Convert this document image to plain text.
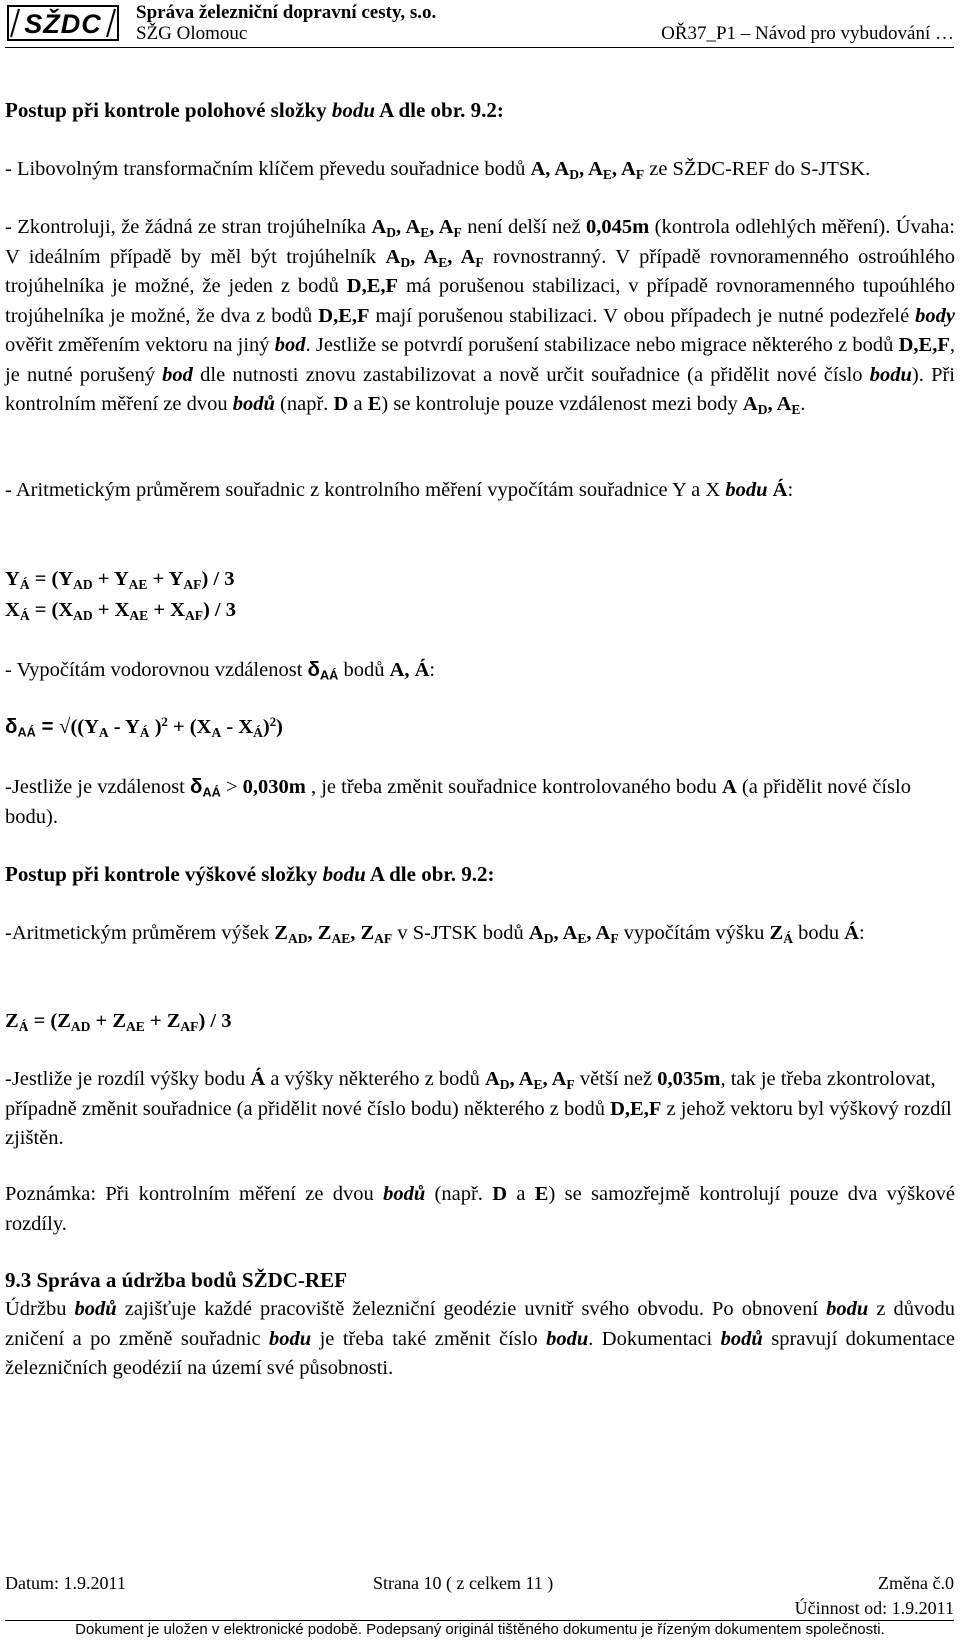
SŽDC Správa železniční dopravní cesty, s.o.
SŽG Olomouc	OŘ37_P1 – Návod pro vybudování …
Postup při kontrole polohové složky bodu A dle obr. 9.2:
- Libovolným transformačním klíčem převedu souřadnice bodů A, $A_D$, $A_E$, $A_F$ ze SŽDC-REF do S-JTSK.
- Zkontroluji, že žádná ze stran trojúhelníka $A_D$, $A_E$, $A_F$ není delší než 0,045m (kontrola odlehlých měření). Úvaha: V ideálním případě by měl být trojúhelník $A_D$, $A_E$, $A_F$ rovnostranný. V případě rovnoramenného ostroúhlého trojúhelníka je možné, že jeden z bodů D,E,F má porušenou stabilizaci, v případě rovnoramenného tupoúhlého trojúhelníka je možné, že dva z bodů D,E,F mají porušenou stabilizaci. V obou případech je nutné podezřelé body ověřit změřením vektoru na jiný bod. Jestliže se potvrdí porušení stabilizace nebo migrace některého z bodů D,E,F, je nutné porušený bod dle nutnosti znovu zastabilizovat a nově určit souřadnice (a přidělit nové číslo bodu). Při kontrolním měření ze dvou bodů (např. D a E) se kontroluje pouze vzdálenost mezi body $A_D$, $A_E$.
- Aritmetickým průměrem souřadnic z kontrolního měření vypočítám souřadnice Y a X bodu Á:
$Y_Á = (Y_{AD} + Y_{AE} + Y_{AF}) / 3$
$X_Á = (X_{AD} + X_{AE} + X_{AF}) / 3$
- Vypočítám vodorovnou vzdálenost δAÁ bodů A, Á:
δAÁ = $√((Y_A - Y_Á$ )$^2 + (X_A - X_Á)^2$)
-Jestliže je vzdálenost δAÁ > 0,030m , je třeba změnit souřadnice kontrolovaného bodu A (a přidělit nové číslo bodu).
Postup při kontrole výškové složky bodu A dle obr. 9.2:
-Aritmetickým průměrem výšek $Z_{AD}$, $Z_{AE}$, $Z_{AF}$ v S-JTSK bodů $A_D$, $A_E$, $A_F$ vypočítám výšku $Z_Á$ bodu Á:
$Z_Á = (Z_{AD} + Z_{AE} + Z_{AF}) / 3$
-Jestliže je rozdíl výšky bodu Á a výšky některého z bodů $A_D$, $A_E$, $A_F$ větší než 0,035m, tak je třeba zkontrolovat, případně změnit souřadnice (a přidělit nové číslo bodu) některého z bodů D,E,F z jehož vektoru byl výškový rozdíl zjištěn.
Poznámka: Při kontrolním měření ze dvou bodů (např. D a E) se samozřejmě kontrolují pouze dva výškové rozdíly.
9.3 Správa a údržba bodů SŽDC-REF
Údržbu bodů zajišťuje každé pracoviště železniční geodézie uvnitř svého obvodu. Po obnovení bodu z důvodu zničení a po změně souřadnic bodu je třeba také změnit číslo bodu. Dokumentaci bodů spravují dokumentace železničních geodézií na území své působnosti.
Datum: 1.9.2011	Strana 10 ( z celkem 11 )	Změna č.0
Účinnost od: 1.9.2011
Dokument je uložen v elektronické podobě. Podepsaný originál tištěného dokumentu je řízeným dokumentem společnosti.
